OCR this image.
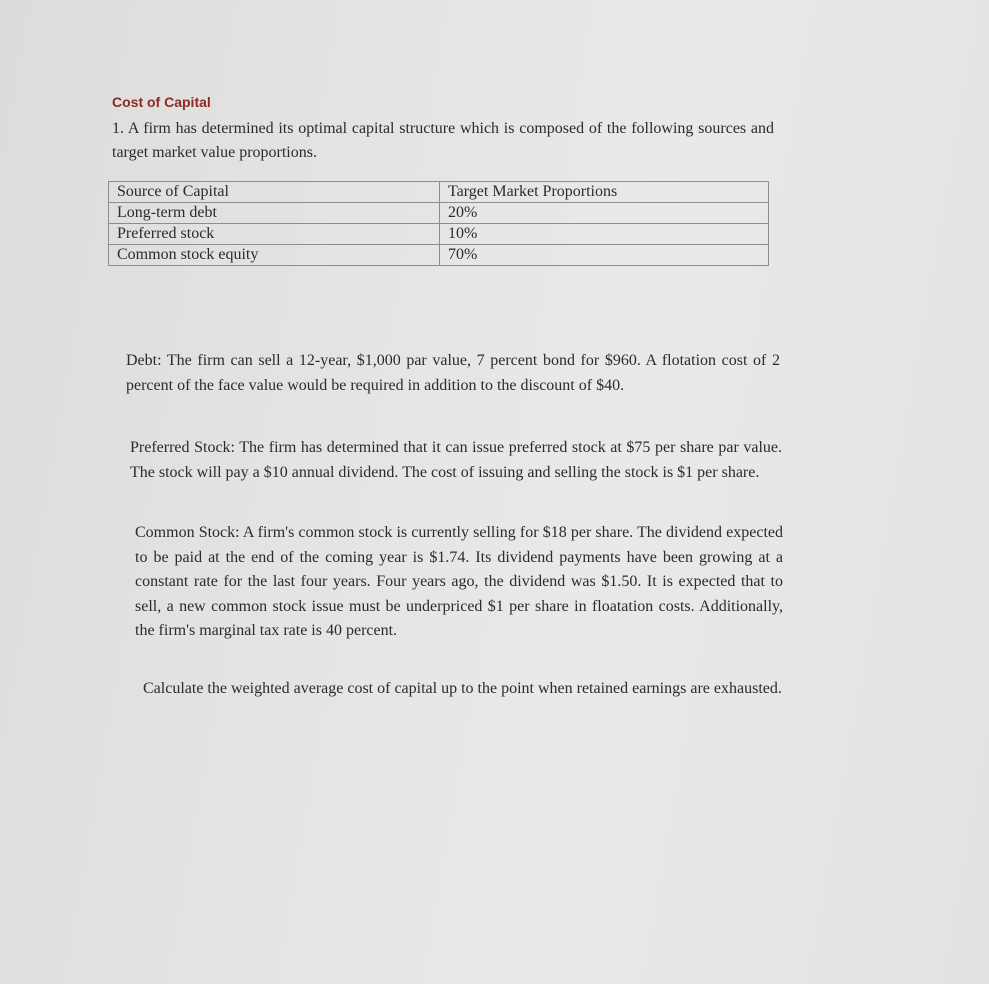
Cost of Capital
1. A firm has determined its optimal capital structure which is composed of the following sources and target market value proportions.
Source of Capital	Target Market Proportions
Long-term debt	20%
Preferred stock	10%
Common stock equity	70%
Debt: The firm can sell a 12-year, $1,000 par value, 7 percent bond for $960. A flotation cost of 2 percent of the face value would be required in addition to the discount of $40.
Preferred Stock: The firm has determined that it can issue preferred stock at $75 per share par value. The stock will pay a $10 annual dividend. The cost of issuing and selling the stock is $1 per share.
Common Stock: A firm's common stock is currently selling for $18 per share. The dividend expected to be paid at the end of the coming year is $1.74. Its dividend payments have been growing at a constant rate for the last four years. Four years ago, the dividend was $1.50. It is expected that to sell, a new common stock issue must be underpriced $1 per share in floatation costs. Additionally, the firm's marginal tax rate is 40 percent.
Calculate the weighted average cost of capital up to the point when retained earnings are exhausted.
